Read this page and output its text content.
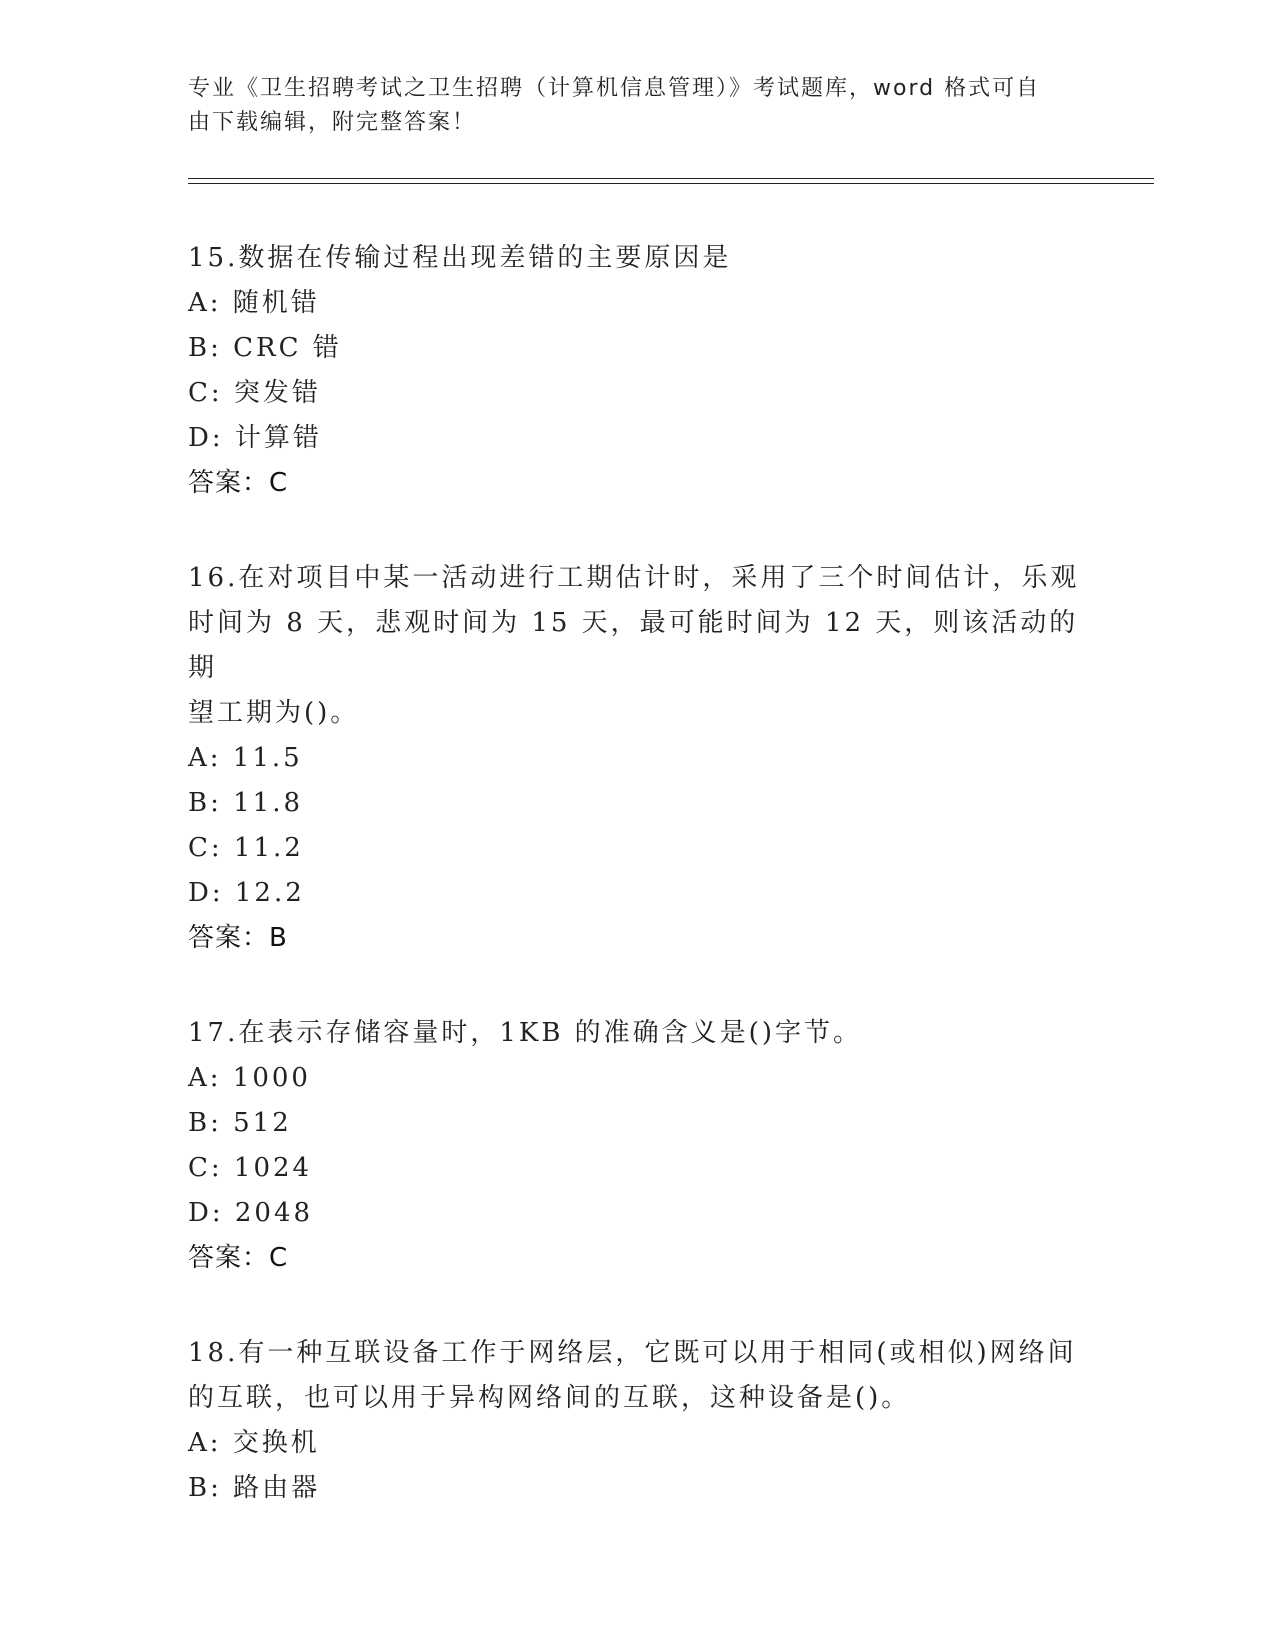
专业《卫生招聘考试之卫生招聘（计算机信息管理）》考试题库，word 格式可自
由下载编辑，附完整答案！
15.数据在传输过程出现差错的主要原因是
A: 随机错
B: CRC 错
C: 突发错
D: 计算错
答案：C
16.在对项目中某一活动进行工期估计时，采用了三个时间估计，乐观
时间为 8 天，悲观时间为 15 天，最可能时间为 12 天，则该活动的期
望工期为()。
A: 11.5
B: 11.8
C: 11.2
D: 12.2
答案：B
17.在表示存储容量时，1KB 的准确含义是()字节。
A: 1000
B: 512
C: 1024
D: 2048
答案：C
18.有一种互联设备工作于网络层，它既可以用于相同(或相似)网络间
的互联，也可以用于异构网络间的互联，这种设备是()。
A: 交换机
B: 路由器
